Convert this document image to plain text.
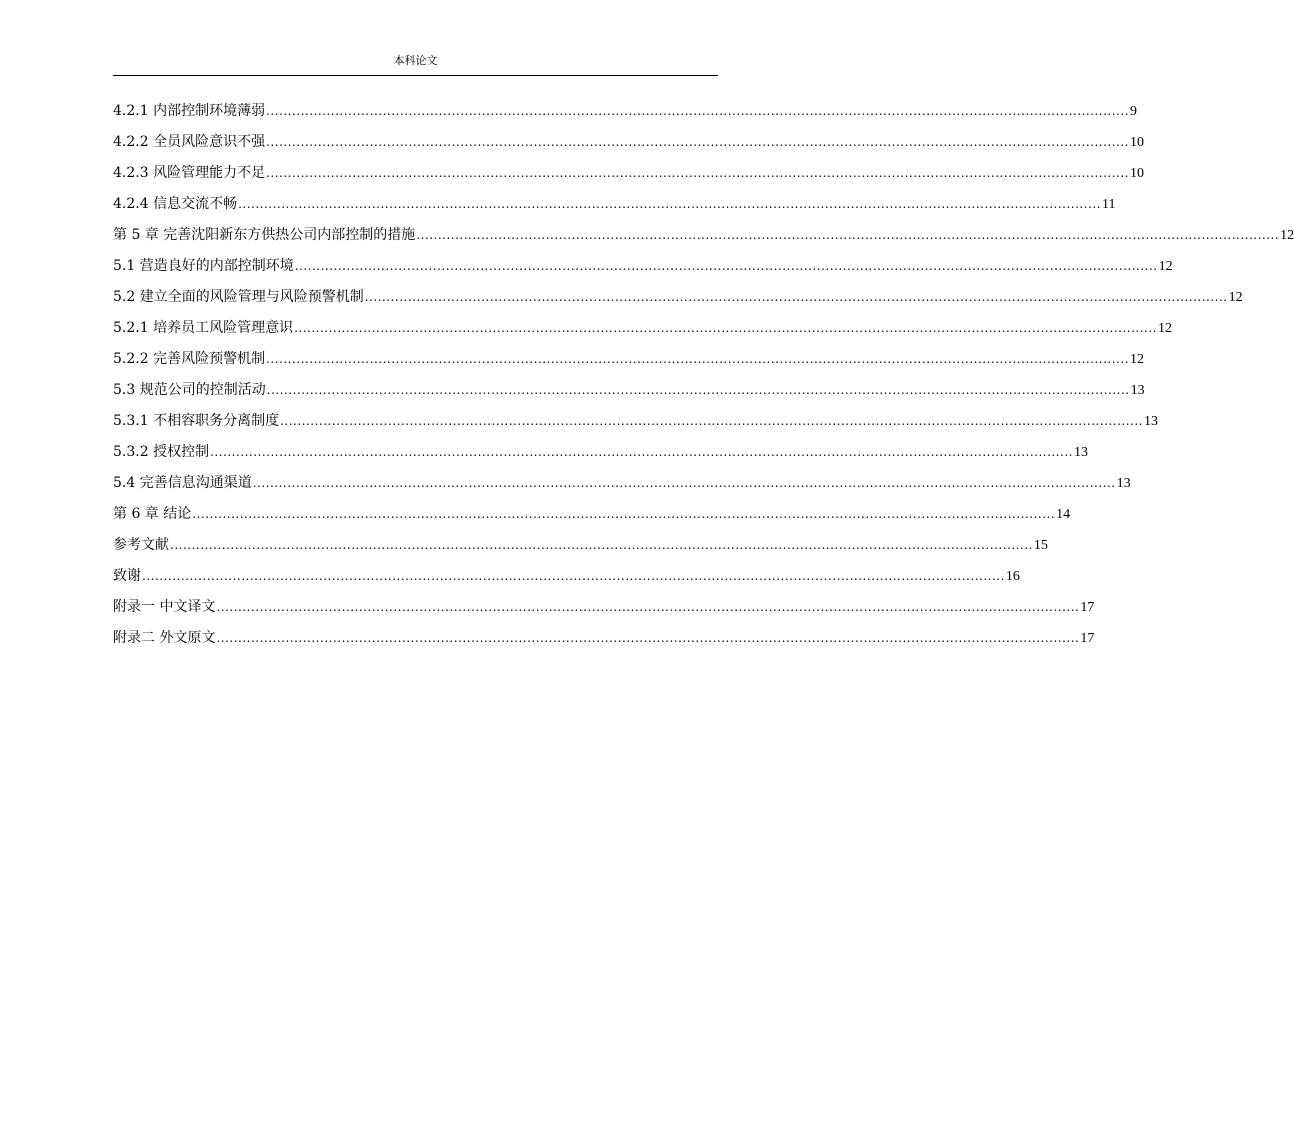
本科论文
4.2.1 内部控制环境薄弱 ........................................................................................................................................................................................................ 9
4.2.2 全员风险意识不强 ........................................................................................................................................................................................................ 10
4.2.3 风险管理能力不足 ........................................................................................................................................................................................................ 10
4.2.4 信息交流不畅 ........................................................................................................................................................................................................ 11
第 5 章 完善沈阳新东方供热公司内部控制的措施 ........................................................................................................................................................................................................ 12
5.1 营造良好的内部控制环境 ........................................................................................................................................................................................................ 12
5.2 建立全面的风险管理与风险预警机制 ........................................................................................................................................................................................................ 12
5.2.1 培养员工风险管理意识 ........................................................................................................................................................................................................ 12
5.2.2 完善风险预警机制 ........................................................................................................................................................................................................ 12
5.3 规范公司的控制活动 ........................................................................................................................................................................................................ 13
5.3.1 不相容职务分离制度 ........................................................................................................................................................................................................ 13
5.3.2 授权控制 ........................................................................................................................................................................................................ 13
5.4 完善信息沟通渠道 ........................................................................................................................................................................................................ 13
第 6 章 结论 ........................................................................................................................................................................................................ 14
参考文献 ........................................................................................................................................................................................................ 15
致谢 ........................................................................................................................................................................................................ 16
附录一 中文译文 ........................................................................................................................................................................................................ 17
附录二 外文原文 ........................................................................................................................................................................................................ 17
